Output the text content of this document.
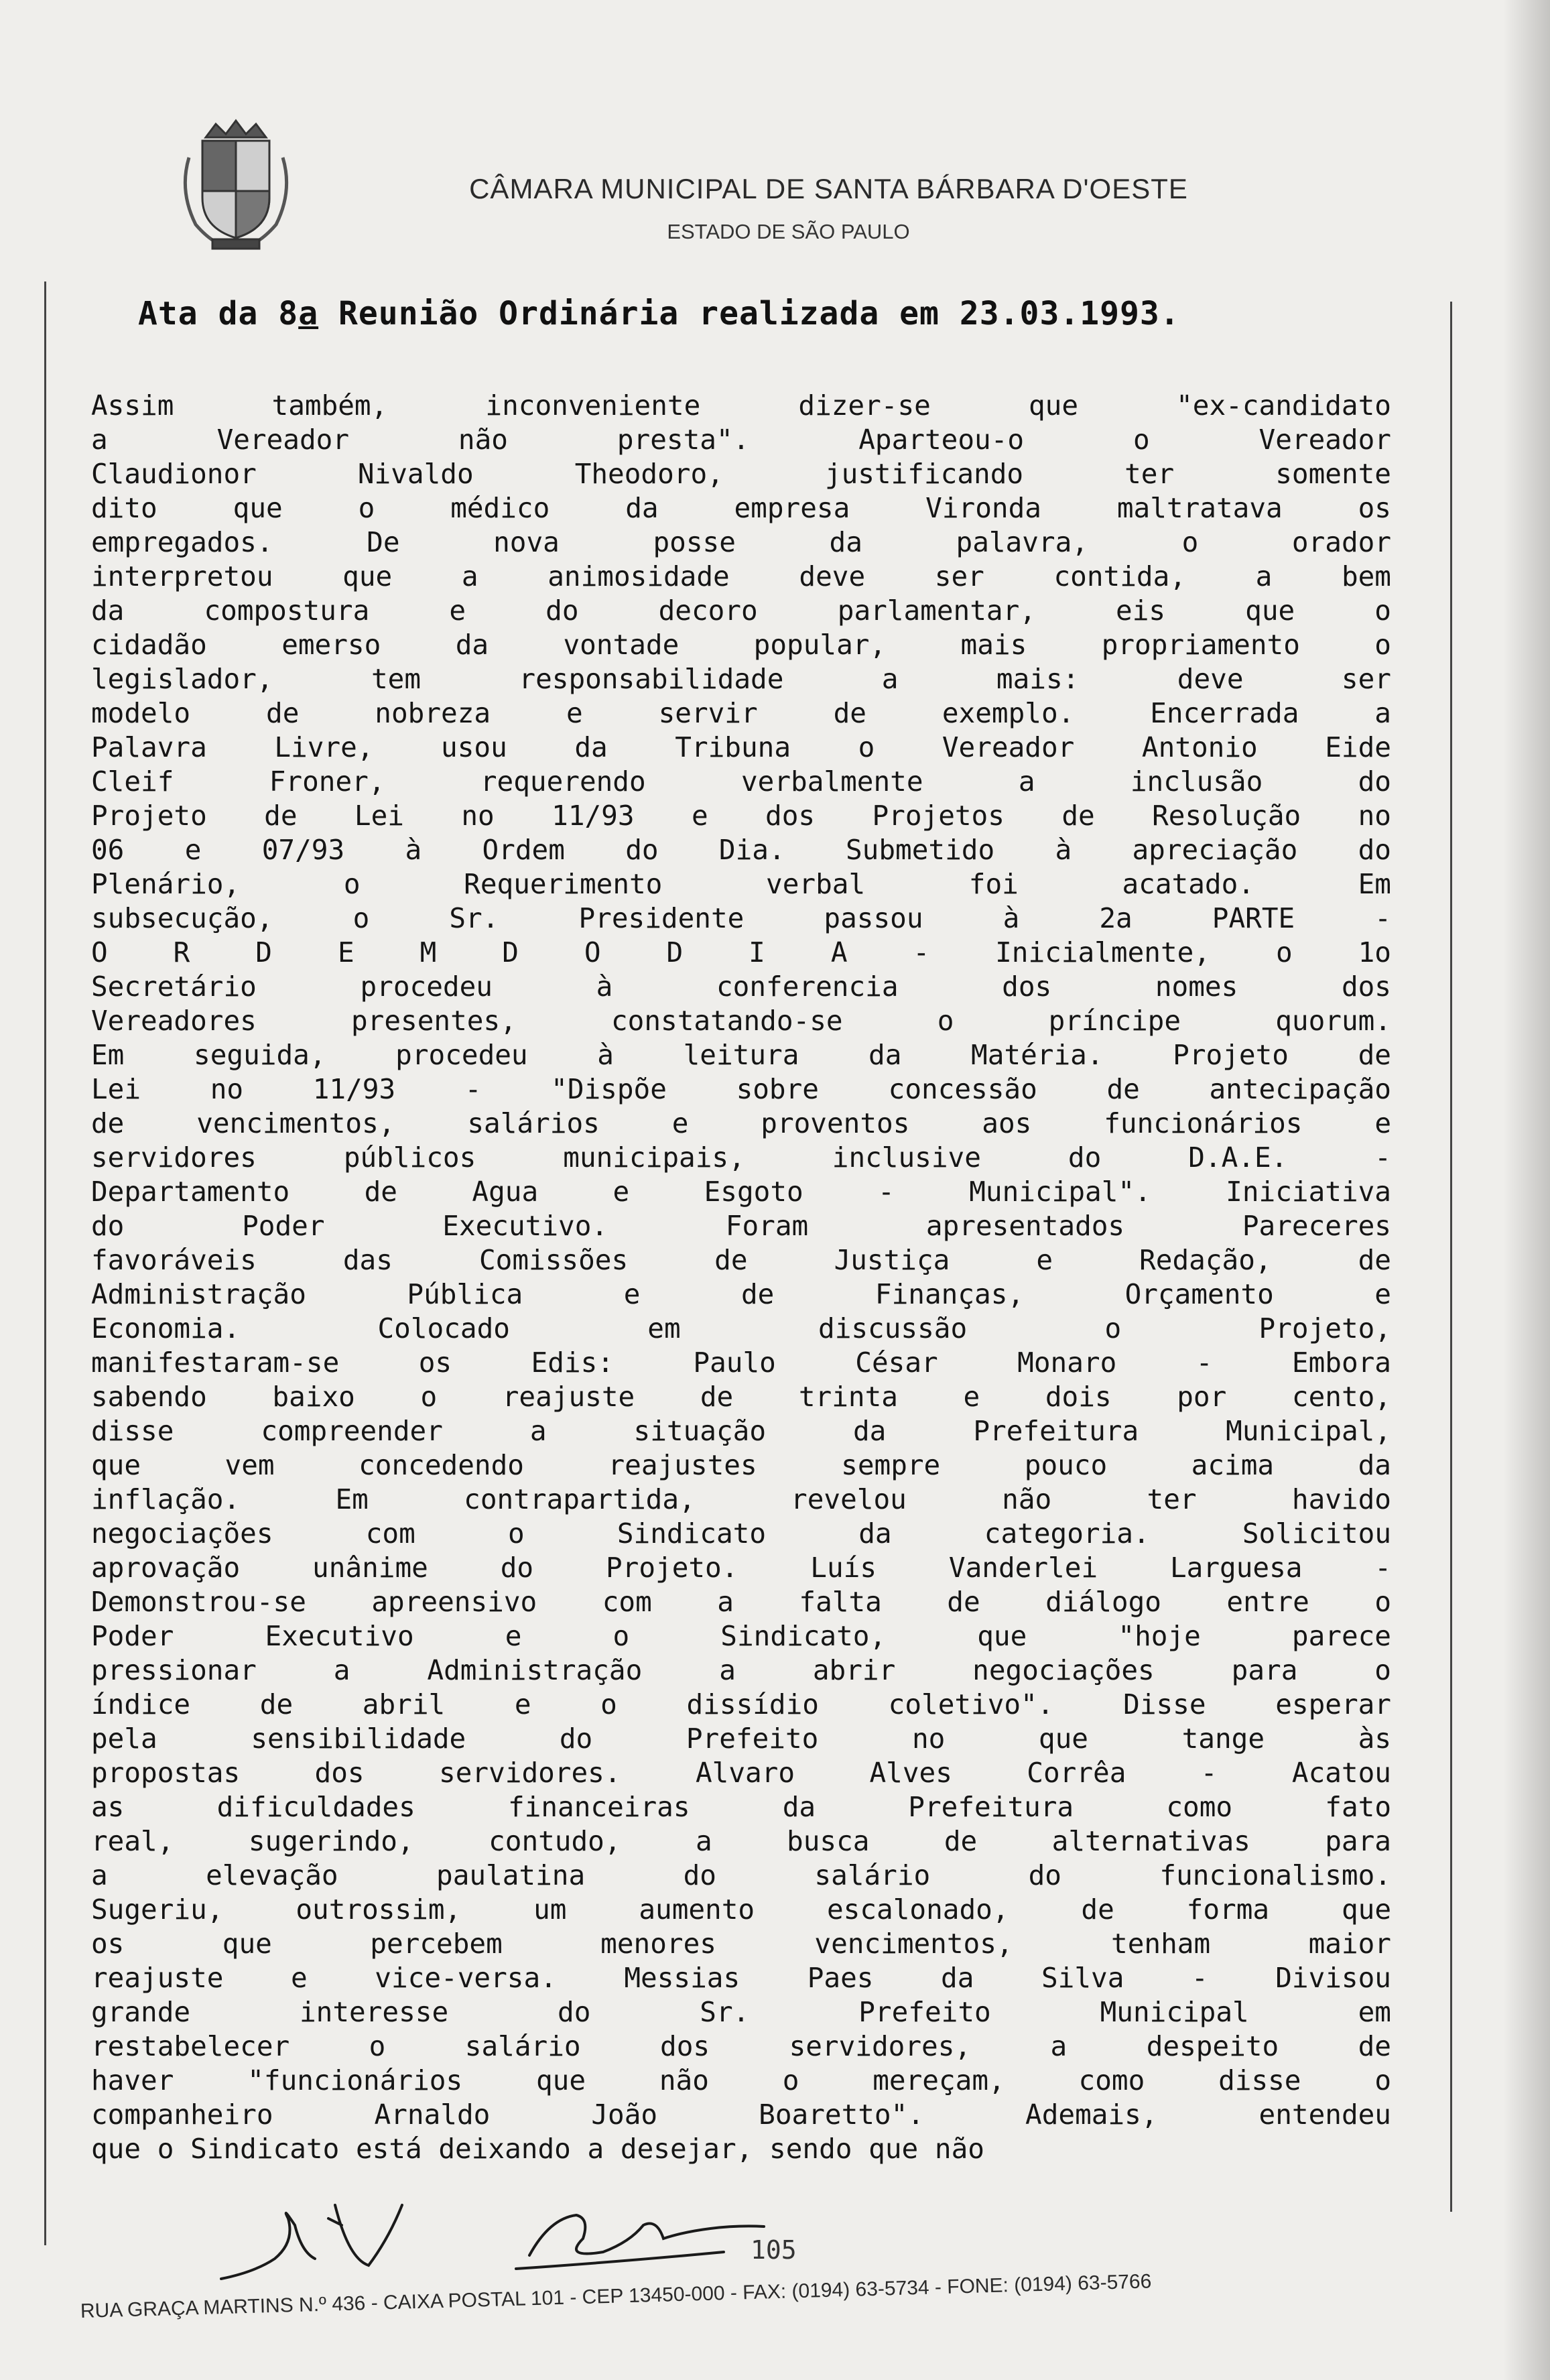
CÂMARA MUNICIPAL DE SANTA BÁRBARA D'OESTE
ESTADO DE SÃO PAULO
Ata da 8a Reunião Ordinária realizada em 23.03.1993.
Assim também, inconveniente dizer-se que "ex-candidato
a Vereador não presta". Aparteou-o o Vereador
Claudionor Nivaldo Theodoro, justificando ter somente
dito que o médico da empresa Vironda maltratava os
empregados. De nova posse da palavra, o orador
interpretou que a animosidade deve ser contida, a bem
da compostura e do decoro parlamentar, eis que o
cidadão emerso da vontade popular, mais propriamento o
legislador, tem responsabilidade a mais: deve ser
modelo de nobreza e servir de exemplo. Encerrada a
Palavra Livre, usou da Tribuna o Vereador Antonio Eide
Cleif Froner, requerendo verbalmente a inclusão do
Projeto de Lei no 11/93 e dos Projetos de Resolução no
06 e 07/93 à Ordem do Dia. Submetido à apreciação do
Plenário, o Requerimento verbal foi acatado. Em
subsecução, o Sr. Presidente passou à 2a PARTE -
O R D E M D O D I A - Inicialmente, o 1o
Secretário procedeu à conferencia dos nomes dos
Vereadores presentes, constatando-se o príncipe quorum.
Em seguida, procedeu à leitura da Matéria. Projeto de
Lei no 11/93 - "Dispõe sobre concessão de antecipação
de vencimentos, salários e proventos aos funcionários e
servidores públicos municipais, inclusive do D.A.E. -
Departamento de Agua e Esgoto - Municipal". Iniciativa
do Poder Executivo. Foram apresentados Pareceres
favoráveis das Comissões de Justiça e Redação, de
Administração Pública e de Finanças, Orçamento e
Economia. Colocado em discussão o Projeto,
manifestaram-se os Edis: Paulo César Monaro - Embora
sabendo baixo o reajuste de trinta e dois por cento,
disse compreender a situação da Prefeitura Municipal,
que vem concedendo reajustes sempre pouco acima da
inflação. Em contrapartida, revelou não ter havido
negociações com o Sindicato da categoria. Solicitou
aprovação unânime do Projeto. Luís Vanderlei Larguesa -
Demonstrou-se apreensivo com a falta de diálogo entre o
Poder Executivo e o Sindicato, que "hoje parece
pressionar a Administração a abrir negociações para o
índice de abril e o dissídio coletivo". Disse esperar
pela sensibilidade do Prefeito no que tange às
propostas dos servidores. Alvaro Alves Corrêa - Acatou
as dificuldades financeiras da Prefeitura como fato
real, sugerindo, contudo, a busca de alternativas para
a elevação paulatina do salário do funcionalismo.
Sugeriu, outrossim, um aumento escalonado, de forma que
os que percebem menores vencimentos, tenham maior
reajuste e vice-versa. Messias Paes da Silva - Divisou
grande interesse do Sr. Prefeito Municipal em
restabelecer o salário dos servidores, a despeito de
haver "funcionários que não o mereçam, como disse o
companheiro Arnaldo João Boaretto". Ademais, entendeu
que o Sindicato está deixando a desejar, sendo que não
105
RUA GRAÇA MARTINS N.º 436 - CAIXA POSTAL 101 - CEP 13450-000 - FAX: (0194) 63-5734 - FONE: (0194) 63-5766
